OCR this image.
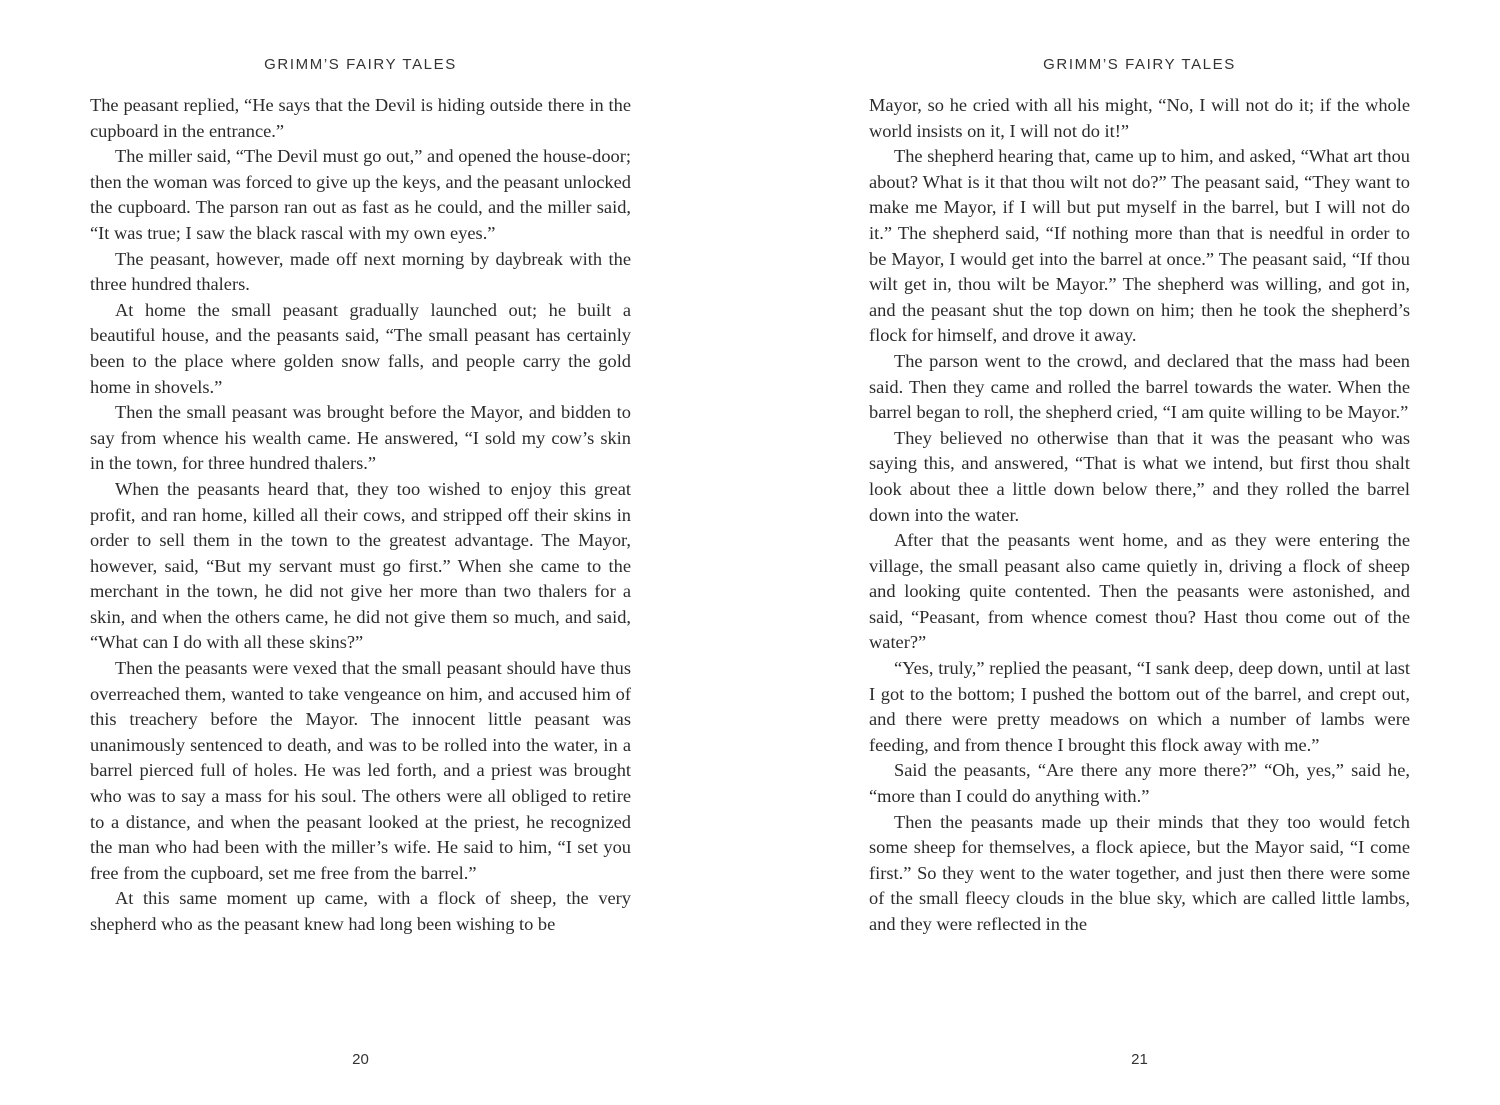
GRIMM’S FAIRY TALES

The peasant replied, “He says that the Devil is hiding outside there in the cupboard in the entrance.”

The miller said, “The Devil must go out,” and opened the house-door; then the woman was forced to give up the keys, and the peasant unlocked the cupboard. The parson ran out as fast as he could, and the miller said, “It was true; I saw the black rascal with my own eyes.”

The peasant, however, made off next morning by daybreak with the three hundred thalers.

At home the small peasant gradually launched out; he built a beautiful house, and the peasants said, “The small peasant has certainly been to the place where golden snow falls, and people carry the gold home in shovels.”

Then the small peasant was brought before the Mayor, and bidden to say from whence his wealth came. He answered, “I sold my cow’s skin in the town, for three hundred thalers.”

When the peasants heard that, they too wished to enjoy this great profit, and ran home, killed all their cows, and stripped off their skins in order to sell them in the town to the greatest advantage. The Mayor, however, said, “But my servant must go first.” When she came to the merchant in the town, he did not give her more than two thalers for a skin, and when the others came, he did not give them so much, and said, “What can I do with all these skins?”

Then the peasants were vexed that the small peasant should have thus overreached them, wanted to take vengeance on him, and accused him of this treachery before the Mayor. The innocent little peasant was unanimously sentenced to death, and was to be rolled into the water, in a barrel pierced full of holes. He was led forth, and a priest was brought who was to say a mass for his soul. The others were all obliged to retire to a distance, and when the peasant looked at the priest, he recognized the man who had been with the miller’s wife. He said to him, “I set you free from the cupboard, set me free from the barrel.”

At this same moment up came, with a flock of sheep, the very shepherd who as the peasant knew had long been wishing to be

20
GRIMM’S FAIRY TALES

Mayor, so he cried with all his might, “No, I will not do it; if the whole world insists on it, I will not do it!”

The shepherd hearing that, came up to him, and asked, “What art thou about? What is it that thou wilt not do?” The peasant said, “They want to make me Mayor, if I will but put myself in the barrel, but I will not do it.” The shepherd said, “If nothing more than that is needful in order to be Mayor, I would get into the barrel at once.” The peasant said, “If thou wilt get in, thou wilt be Mayor.” The shepherd was willing, and got in, and the peasant shut the top down on him; then he took the shepherd’s flock for himself, and drove it away.

The parson went to the crowd, and declared that the mass had been said. Then they came and rolled the barrel towards the water. When the barrel began to roll, the shepherd cried, “I am quite willing to be Mayor.”

They believed no otherwise than that it was the peasant who was saying this, and answered, “That is what we intend, but first thou shalt look about thee a little down below there,” and they rolled the barrel down into the water.

After that the peasants went home, and as they were entering the village, the small peasant also came quietly in, driving a flock of sheep and looking quite contented. Then the peasants were astonished, and said, “Peasant, from whence comest thou? Hast thou come out of the water?”

“Yes, truly,” replied the peasant, “I sank deep, deep down, until at last I got to the bottom; I pushed the bottom out of the barrel, and crept out, and there were pretty meadows on which a number of lambs were feeding, and from thence I brought this flock away with me.”

Said the peasants, “Are there any more there?” “Oh, yes,” said he, “more than I could do anything with.”

Then the peasants made up their minds that they too would fetch some sheep for themselves, a flock apiece, but the Mayor said, “I come first.” So they went to the water together, and just then there were some of the small fleecy clouds in the blue sky, which are called little lambs, and they were reflected in the

21
